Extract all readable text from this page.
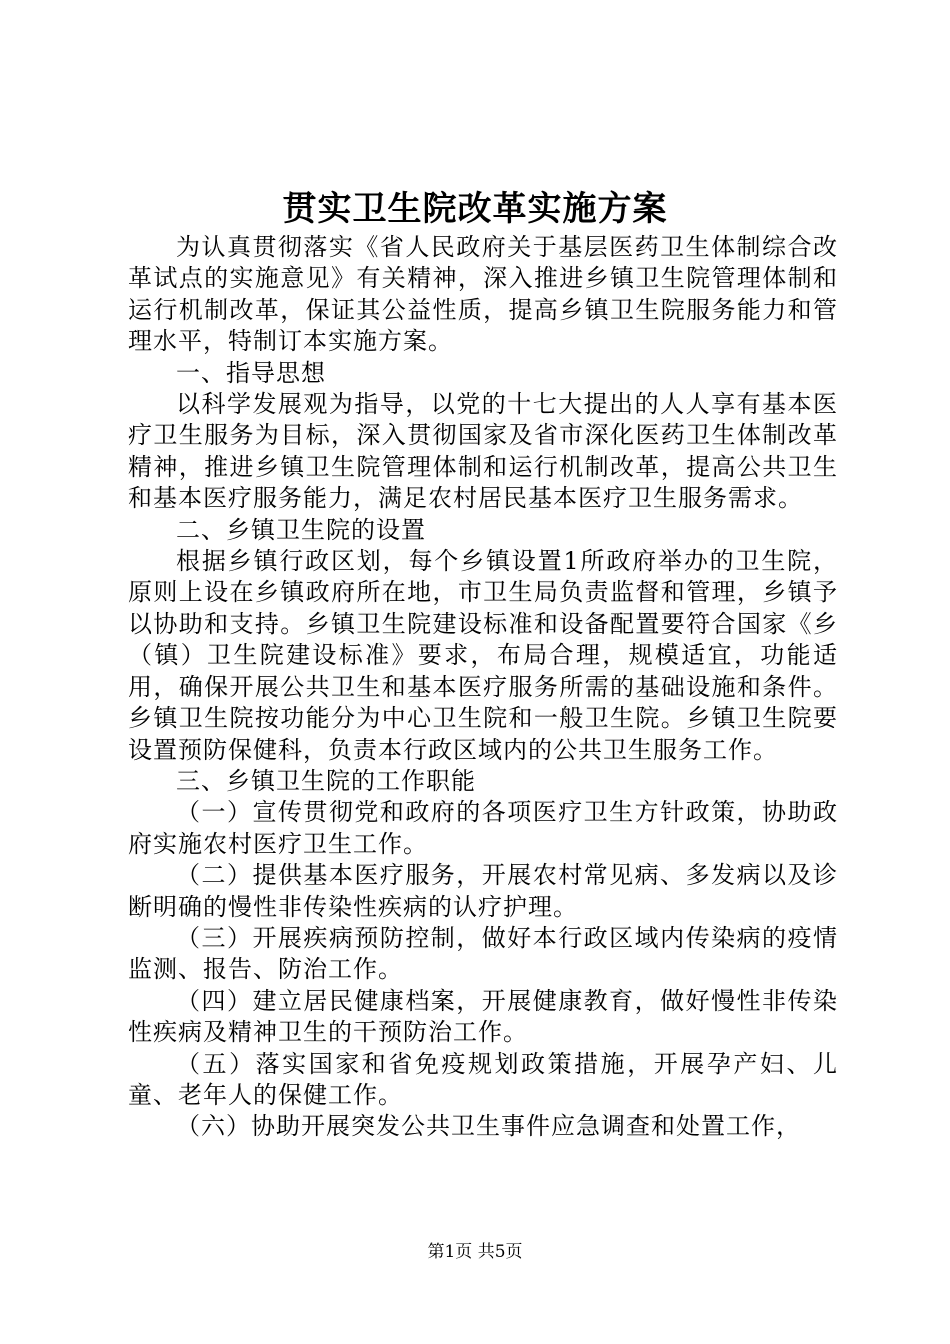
贯实卫生院改革实施方案

为认真贯彻落实《省人民政府关于基层医药卫生体制综合改革试点的实施意见》有关精神，深入推进乡镇卫生院管理体制和运行机制改革，保证其公益性质，提高乡镇卫生院服务能力和管理水平，特制订本实施方案。

一、指导思想

以科学发展观为指导，以党的十七大提出的人人享有基本医疗卫生服务为目标，深入贯彻国家及省市深化医药卫生体制改革精神，推进乡镇卫生院管理体制和运行机制改革，提高公共卫生和基本医疗服务能力，满足农村居民基本医疗卫生服务需求。

二、乡镇卫生院的设置

根据乡镇行政区划，每个乡镇设置1所政府举办的卫生院，原则上设在乡镇政府所在地，市卫生局负责监督和管理，乡镇予以协助和支持。乡镇卫生院建设标准和设备配置要符合国家《乡（镇）卫生院建设标准》要求，布局合理，规模适宜，功能适用，确保开展公共卫生和基本医疗服务所需的基础设施和条件。乡镇卫生院按功能分为中心卫生院和一般卫生院。乡镇卫生院要设置预防保健科，负责本行政区域内的公共卫生服务工作。

三、乡镇卫生院的工作职能

（一）宣传贯彻党和政府的各项医疗卫生方针政策，协助政府实施农村医疗卫生工作。

（二）提供基本医疗服务，开展农村常见病、多发病以及诊断明确的慢性非传染性疾病的认疗护理。

（三）开展疾病预防控制，做好本行政区域内传染病的疫情监测、报告、防治工作。

（四）建立居民健康档案，开展健康教育，做好慢性非传染性疾病及精神卫生的干预防治工作。

（五）落实国家和省免疫规划政策措施，开展孕产妇、儿童、老年人的保健工作。

（六）协助开展突发公共卫生事件应急调查和处置工作，

第1页 共5页
